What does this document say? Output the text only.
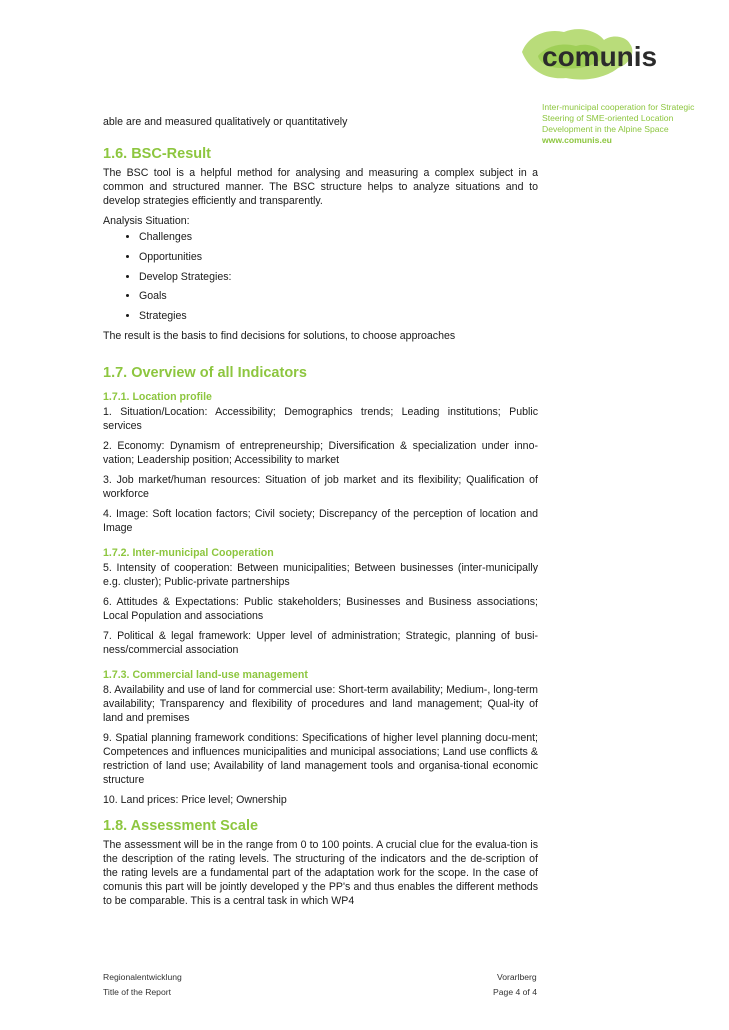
comunis
Inter-municipal cooperation for Strategic
Steering of SME-oriented Location
Development in the Alpine Space
www.comunis.eu
able are and measured qualitatively or quantitatively
1.6. BSC-Result

The BSC tool is a helpful method for analysing and measuring a complex subject in a common and structured manner. The BSC structure helps to analyze situations and to develop strategies efficiently and transparently.

Analysis Situation:

• Challenges
• Opportunities
• Develop Strategies:
• Goals
• Strategies

The result is the basis to find decisions for solutions, to choose approaches

1.7. Overview of all Indicators
1.7.1. Location profile

1. Situation/Location: Accessibility; Demographics trends; Leading institutions; Public services

2. Economy: Dynamism of entrepreneurship; Diversification & specialization under inno-vation; Leadership position; Accessibility to market

3. Job market/human resources: Situation of job market and its flexibility; Qualification of workforce

4. Image: Soft location factors; Civil society; Discrepancy of the perception of location and Image

1.7.2. Inter-municipal Cooperation

5. Intensity of cooperation: Between municipalities; Between businesses (inter-municipally e.g. cluster); Public-private partnerships

6. Attitudes & Expectations: Public stakeholders; Businesses and Business associations; Local Population and associations

7. Political & legal framework: Upper level of administration; Strategic, planning of busi-ness/commercial association

1.7.3. Commercial land-use management

8. Availability and use of land for commercial use: Short-term availability; Medium-, long-term availability; Transparency and flexibility of procedures and land management; Qual-ity of land and premises

9. Spatial planning framework conditions: Specifications of higher level planning docu-ment; Competences and influences municipalities and municipal associations; Land use conflicts & restriction of land use; Availability of land management tools and organisa-tional economic structure

10. Land prices: Price level; Ownership

1.8. Assessment Scale

The assessment will be in the range from 0 to 100 points. A crucial clue for the evalua-tion is the description of the rating levels. The structuring of the indicators and the de-scription of the rating levels are a fundamental part of the adaptation work for the scope. In the case of comunis this part will be jointly developed y the PP's and thus enables the different methods to be comparable. This is a central task in which WP4

Regionalentwicklung	Vorarlberg
Title of the Report	Page 4 of 4
